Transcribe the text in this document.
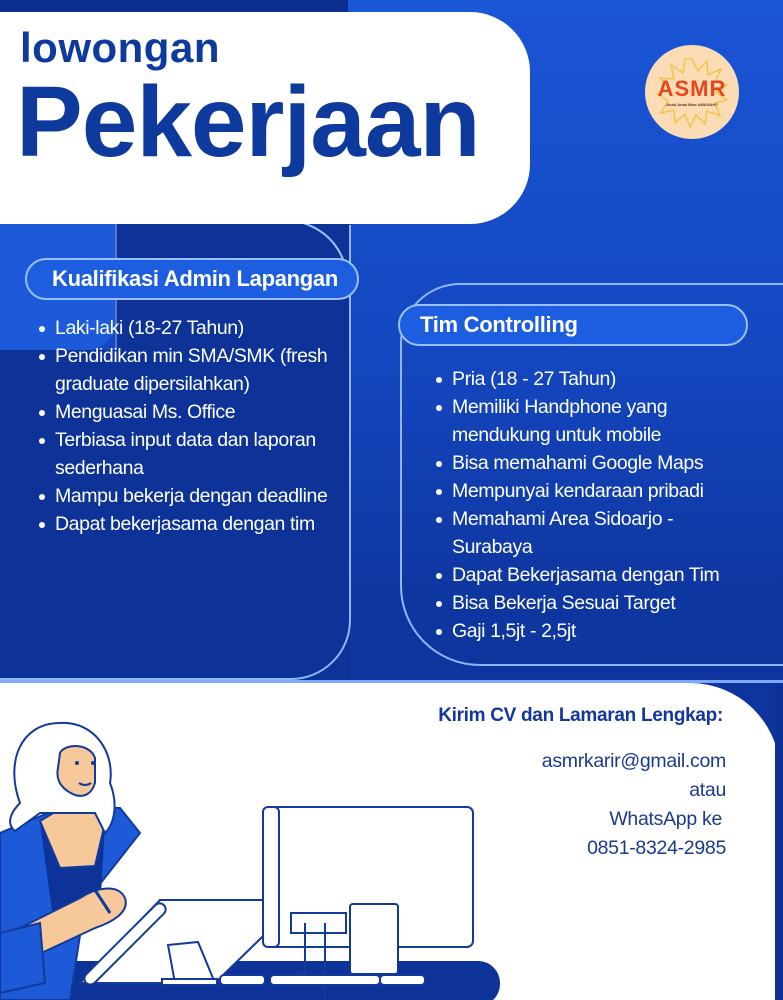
lowongan
Pekerjaan	ASMR
Anak-Anak Bisa AMANAH?
Kualifikasi Admin Lapangan
Laki-laki (18-27 Tahun)
Pendidikan min SMA/SMK (fresh graduate dipersilahkan)
Menguasai Ms. Office
Terbiasa input data dan laporan sederhana
Mampu bekerja dengan deadline
Dapat bekerjasama dengan tim
Tim Controlling
Pria (18 - 27 Tahun)
Memiliki Handphone yang mendukung untuk mobile
Bisa memahami Google Maps
Mempunyai kendaraan pribadi
Memahami Area Sidoarjo - Surabaya
Dapat Bekerjasama dengan Tim
Bisa Bekerja Sesuai Target
Gaji 1,5jt - 2,5jt
Kirim CV dan Lamaran Lengkap:
asmrkarir@gmail.com
atau
WhatsApp ke
0851-8324-2985
